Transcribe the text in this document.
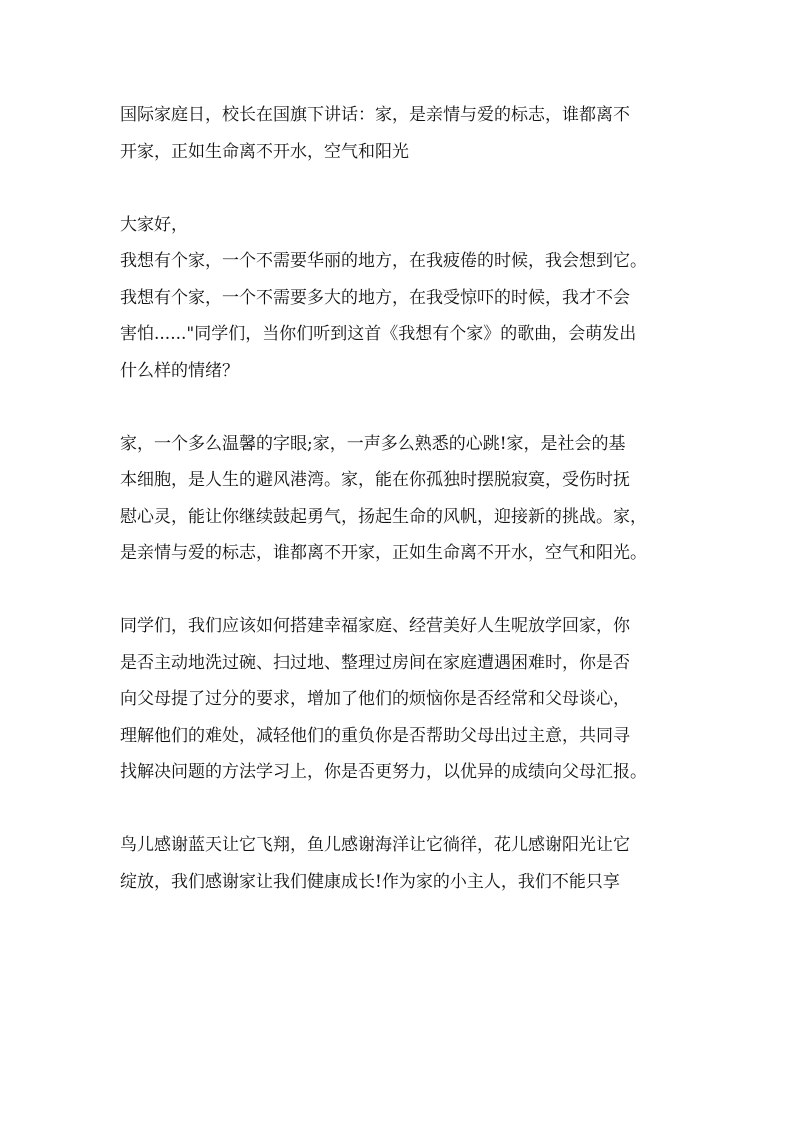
国际家庭日，校长在国旗下讲话：家，是亲情与爱的标志，谁都离不
开家，正如生命离不开水，空气和阳光
大家好，
我想有个家，一个不需要华丽的地方，在我疲倦的时候，我会想到它。
我想有个家，一个不需要多大的地方，在我受惊吓的时候，我才不会
害怕......"同学们，当你们听到这首《我想有个家》的歌曲，会萌发出
什么样的情绪？
家，一个多么温馨的字眼;家，一声多么熟悉的心跳!家，是社会的基
本细胞，是人生的避风港湾。家，能在你孤独时摆脱寂寞，受伤时抚
慰心灵，能让你继续鼓起勇气，扬起生命的风帆，迎接新的挑战。家，
是亲情与爱的标志，谁都离不开家，正如生命离不开水，空气和阳光。
同学们，我们应该如何搭建幸福家庭、经营美好人生呢放学回家，你
是否主动地洗过碗、扫过地、整理过房间在家庭遭遇困难时，你是否
向父母提了过分的要求，增加了他们的烦恼你是否经常和父母谈心，
理解他们的难处，减轻他们的重负你是否帮助父母出过主意，共同寻
找解决问题的方法学习上，你是否更努力，以优异的成绩向父母汇报。
鸟儿感谢蓝天让它飞翔，鱼儿感谢海洋让它徜徉，花儿感谢阳光让它
绽放，我们感谢家让我们健康成长!作为家的小主人，我们不能只享
